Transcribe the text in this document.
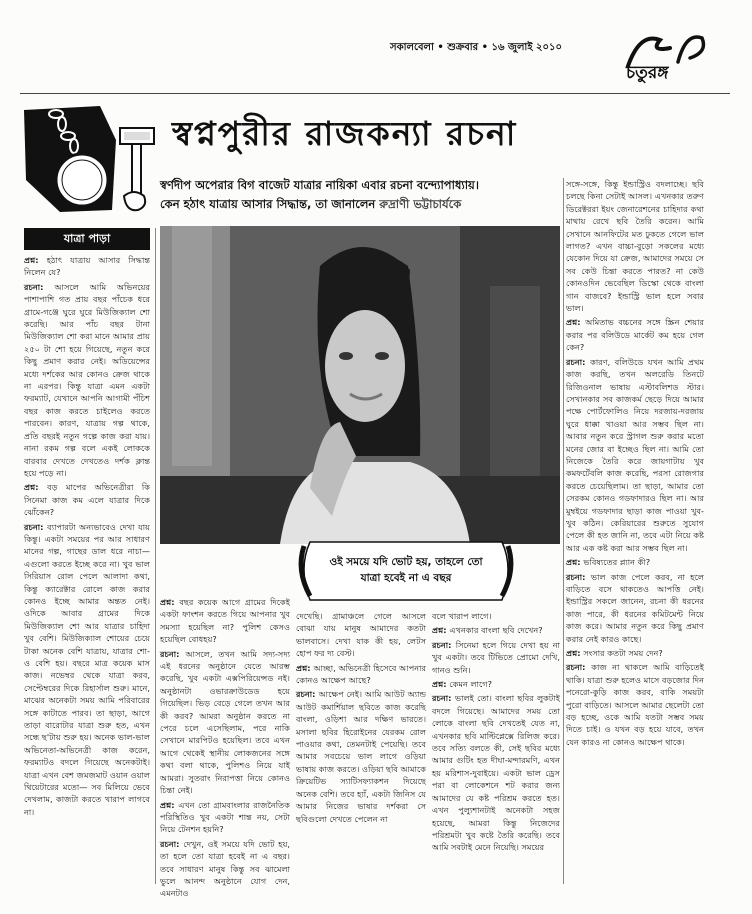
সকালবেলা • শুক্রবার • ১৬ জুলাই ২০১০
চতুরঙ্গ
স্বপ্নপুরীর রাজকন্যা রচনা
স্বর্ণদীপ অপেরার বিগ বাজেট যাত্রার নায়িকা এবার রচনা বন্দ্যোপাধ্যায়।
কেন হঠাৎ যাত্রায় আসার সিদ্ধান্ত, তা জানালেন রুদ্রাণী ভট্টাচার্যকে
যাত্রা পাড়া
ওই সময়ে যদি ভোট হয়, তাহলে তো যাত্রা হবেই না এ বছর

প্রশ্ন: হঠাৎ যাত্রায় আসার সিদ্ধান্ত নিলেন যে?

রচনা: আসলে আমি অভিনয়ের পাশাপাশি গত প্রায় বছর পাঁচেক ধরে গ্রামে-গঞ্জে ঘুরে ঘুরে মিউজিক্যাল শো করেছি। আর পাঁচ বছর টানা মিউজিক্যাল শো করা মানে আমার প্রায় ২৫০ টা শো হয়ে গিয়েছে, নতুন করে কিছু প্রমাণ করার নেই। অডিয়েন্সের মধ্যে দর্শকের আর কোনও ক্রেজ থাকে না এরপর। কিন্তু যাত্রা এমন একটা ফরম্যাট, যেখানে আপনি আগামী পঁচিশ বছর কাজ করতে চাইলেও করতে পারবেন। কারণ, যাত্রায় গল্প থাকে, প্রতি বছরই নতুন গল্পে কাজ করা যায়। নানা রকম গল্প বলে একই লোককে বারবার দেখতে দেখতেও দর্শক ক্লান্ত হয়ে পড়ে না।

প্রশ্ন: বড় মাপের অভিনেত্রীরা কি সিনেমা কাজ কম এলে যাত্রার দিকে ঝোঁকেন?

রচনা: ব্যাপারটা অন্যভাবেও দেখা যায় কিন্তু। একটা সময়ের পর আর সাধারণ মানের গল্প, গাছের ডাল ধরে নাচা— এগুলো করতে ইচ্ছে করে না। খুব ভাল সিরিয়াস রোল পেলে আলাদা কথা, কিন্তু ক্যারেক্টার রোলে কাজ করার কোনও ইচ্ছে আমার অন্তত নেই। ওদিকে আবার গ্রামের দিকে মিউজিক্যাল শো আর যাত্রার চাহিদা খুব বেশি। মিউজিক্যাল শোয়ের চেয়ে টাকা অনেক বেশি যাত্রায়, যাত্রার শো-ও বেশি হয়। বছরে মাত্র কয়েক মাস কাজ। নভেম্বর থেকে যাত্রা করব, সেপ্টেম্বরের দিকে রিহার্সাল শুরু। মানে, মাঝের অনেকটা সময় আমি পরিবারের সঙ্গে কাটাতে পারব। তা ছাড়া, আগে তাড়া বারোটার যাত্রা শুরু হত, এখন সন্ধে ছ'টায় শুরু হয়। অনেক ভাল-ভাল অভিনেতা-অভিনেত্রী কাজ করেন, ফরম্যাটও বদলে গিয়েছে অনেকটাই। যাত্রা এখন বেশ জমজমাট ওয়ান ওয়াল থিয়েটারের মতো— সব মিলিয়ে ভেবে দেখলাম, কাজটা করতে খারাপ লাগবে না।

প্রশ্ন: বছর কয়েক আগে গ্রামের দিকেই একটা ফাংশন করতে গিয়ে আপনার খুব সমস্যা হয়েছিল না? পুলিশ কেসও হয়েছিল বোধহয়?

রচনা: আসলে, তখন আমি সদ্য-সদ্য এই ধরনের অনুষ্ঠানে যেতে আরম্ভ করেছি, খুব একটা এক্সপিরিয়েন্সড নই। অনুষ্ঠানটা ওভারক্রাউডেড হয়ে গিয়েছিল। ভিড় বেড়ে গেলে তখন আর কী করব? আমরা অনুষ্ঠান করতে না পেরে চলে এসেছিলাম, পরে নাকি সেখানে মারপিটও হয়েছিল। তবে এখন আগে থেকেই স্থানীয় লোকজনের সঙ্গে কথা বলা থাকে, পুলিশও নিয়ে যাই আমরা। সুতরাং নিরাপত্তা নিয়ে কোনও চিন্তা নেই।

প্রশ্ন: এখন তো গ্রামবাংলার রাজনৈতিক পরিস্থিতিও খুব একটা শান্ত নয়, সেটা নিয়ে টেনশন হয়নি?

রচনা: দেখুন, ওই সময়ে যদি ভোট হয়, তা হলে তো যাত্রা হবেই না এ বছর। তবে সাধারণ মানুষ কিন্তু সব ঝামেলা ভুলে আনন্দ অনুষ্ঠানে যোগ দেন, এমনটাও

দেখেছি। গ্রামাঞ্চলে গেলে আসলে বোঝা যায় মানুষ আমাদের কতটা ভালবাসে। দেখা যাক কী হয়, লেটস হোপ ফর দ্য বেস্ট।

প্রশ্ন: আচ্ছা, অভিনেত্রী হিসেবে আপনার কোনও আক্ষেপ আছে?

রচনা: আক্ষেপ নেই। আমি আউট অ্যান্ড আউট কমার্শিয়াল ছবিতে কাজ করেছি বাংলা, ওড়িশা আর দক্ষিণ ভারতে। মসালা ছবির হিরোইনের যেরকম রোল পাওয়ার কথা, তেমনটাই পেয়েছি। তবে আমার সবচেয়ে ভাল লাগে ওড়িয়া ভাষায় কাজ করতে। ওড়িয়া ছবি আমাকে ক্রিয়েটিভ স্যাটিসফ্যাকশন দিয়েছে অনেক বেশি। তবে হ্যাঁ, একটা জিনিস যে আমার নিজের ভাষার দর্শকরা সে ছবিগুলো দেখতে পেলেন না

বলে খারাপ লাগে।

প্রশ্ন: এখনকার বাংলা ছবি দেখেন?

রচনা: সিনেমা হলে গিয়ে দেখা হয় না খুব একটা। তবে টিভিতে প্রোমো দেখি, গানও শুনি।

প্রশ্ন: কেমন লাগে?

রচনা: ভালই তো। বাংলা ছবির লুকটাই বদলে গিয়েছে। আমাদের সময় তো লোকে বাংলা ছবি দেখতেই যেত না, এখনকার ছবি মাল্টিপ্লেক্সে রিলিজ করে। তবে সত্যি বলতে কী, সেই ছবির মধ্যে আমার গুটিং হত দীঘা-মন্দারমণি, এখন হয় মরিশাস-দুবাইয়ে। একটা ভাল ড্রেস পরা বা লোকেশনে শট করার জন্য আমাদের যে কষ্ট পরিশ্রম করতে হত। এখন পুল্যুশানটাই অনেকটা সহজ হয়েছে, আমরা কিন্তু নিজেদের পরিশ্রমটা খুব কষ্টে তৈরি করেছি। তবে আমি সবটাই মেনে নিয়েছি। সময়ের

সঙ্গে-সঙ্গে, কিন্তু ইন্ডাস্ট্রিও বদলাচ্ছে। ছবি চলছে কিনা সেটাই আসল। এখনকার তরুণ ডিরেক্টররা ইয়ং জেনারেশনের চাহিদার কথা মাথায় রেখে ছবি তৈরি করেন। আমি সেখানে আনফিটের মত ঢুকতে গেলে ভাল লাগত? এখন বাচ্চা-বুড়ো সকলের মধ্যে যেকোন দিয়ে যা ক্রেজ, আমাদের সময়ে সে সব কেউ চিন্তা করতে পারত? না কেউ কোনওদিন ভেবেছিল ডিস্কো থেকে বাংলা গান বাজবে? ইন্ডাস্ট্রি ভাল হলে সবার ভাল।

প্রশ্ন: অমিতাভ বচ্চনের সঙ্গে স্ক্রিন শেয়ার করার পর বলিউডে মার্কেট কম হয়ে গেল কেন?

রচনা: কারণ, বলিউডে যখন আমি প্রথম কাজ করছি, তখন অলরেডি তিনটে রিজিওনাল ভাষায় এস্টাবলিশড স্টার। সেখানকার সব কাজকর্ম ছেড়ে দিয়ে আমার পক্ষে পোর্টফোলিও নিয়ে দরজায়-দরজায় ঘুরে ধাক্কা খাওয়া আর সম্ভব ছিল না। আবার নতুন করে স্ট্রাগল শুরু করার মতো মনের জোর বা ইচ্ছেও ছিল না। আমি তো নিজেকে তৈরি করে জায়গাটায় খুব কমফর্টেবলি কাজ করেছি, পরসা রোজগার করতে চেয়েছিলাম। তা ছাড়া, আমার তো সেরকম কোনও গডফাদারও ছিল না। আর মুম্বইয়ে গডফাদার ছাড়া কাজ পাওয়া খুব-খুব কঠিন। কেরিয়ারের শুরুতে সুযোগ পেলে কী হত জানি না, তবে এটা নিয়ে কষ্ট আর এক কষ্ট করা আর সম্ভব ছিল না।

প্রশ্ন: ভবিষ্যতের প্ল্যান কী?

রচনা: ভাল কাজ পেলে করব, না হলে বাড়িতে বসে থাকতেও আপত্তি নেই। ইন্ডাস্ট্রির সকলে জানেন, রচনা কী ধরনের কাজ পারে, কী ধরনের কমিটমেন্ট নিয়ে কাজ করে। আমার নতুন করে কিছু প্রমাণ করার নেই কারও কাছে।

প্রশ্ন: সংসার কতটা সময় দেন?

রচনা: কাজ না থাকলে আমি বাড়িতেই থাকি। যাত্রা শুরু হলেও মাসে বড়জোর দিন পনেরো-কুড়ি কাজ করব, বাকি সময়টা পুরো বাড়িতে। আসলে আমার ছেলেটা তো বড় হচ্ছে, ওকে আমি যতটা সম্ভব সময় দিতে চাই। ও যখন বড় হয়ে যাবে, তখন যেন কারও না কোনও আক্ষেপ থাকে।
